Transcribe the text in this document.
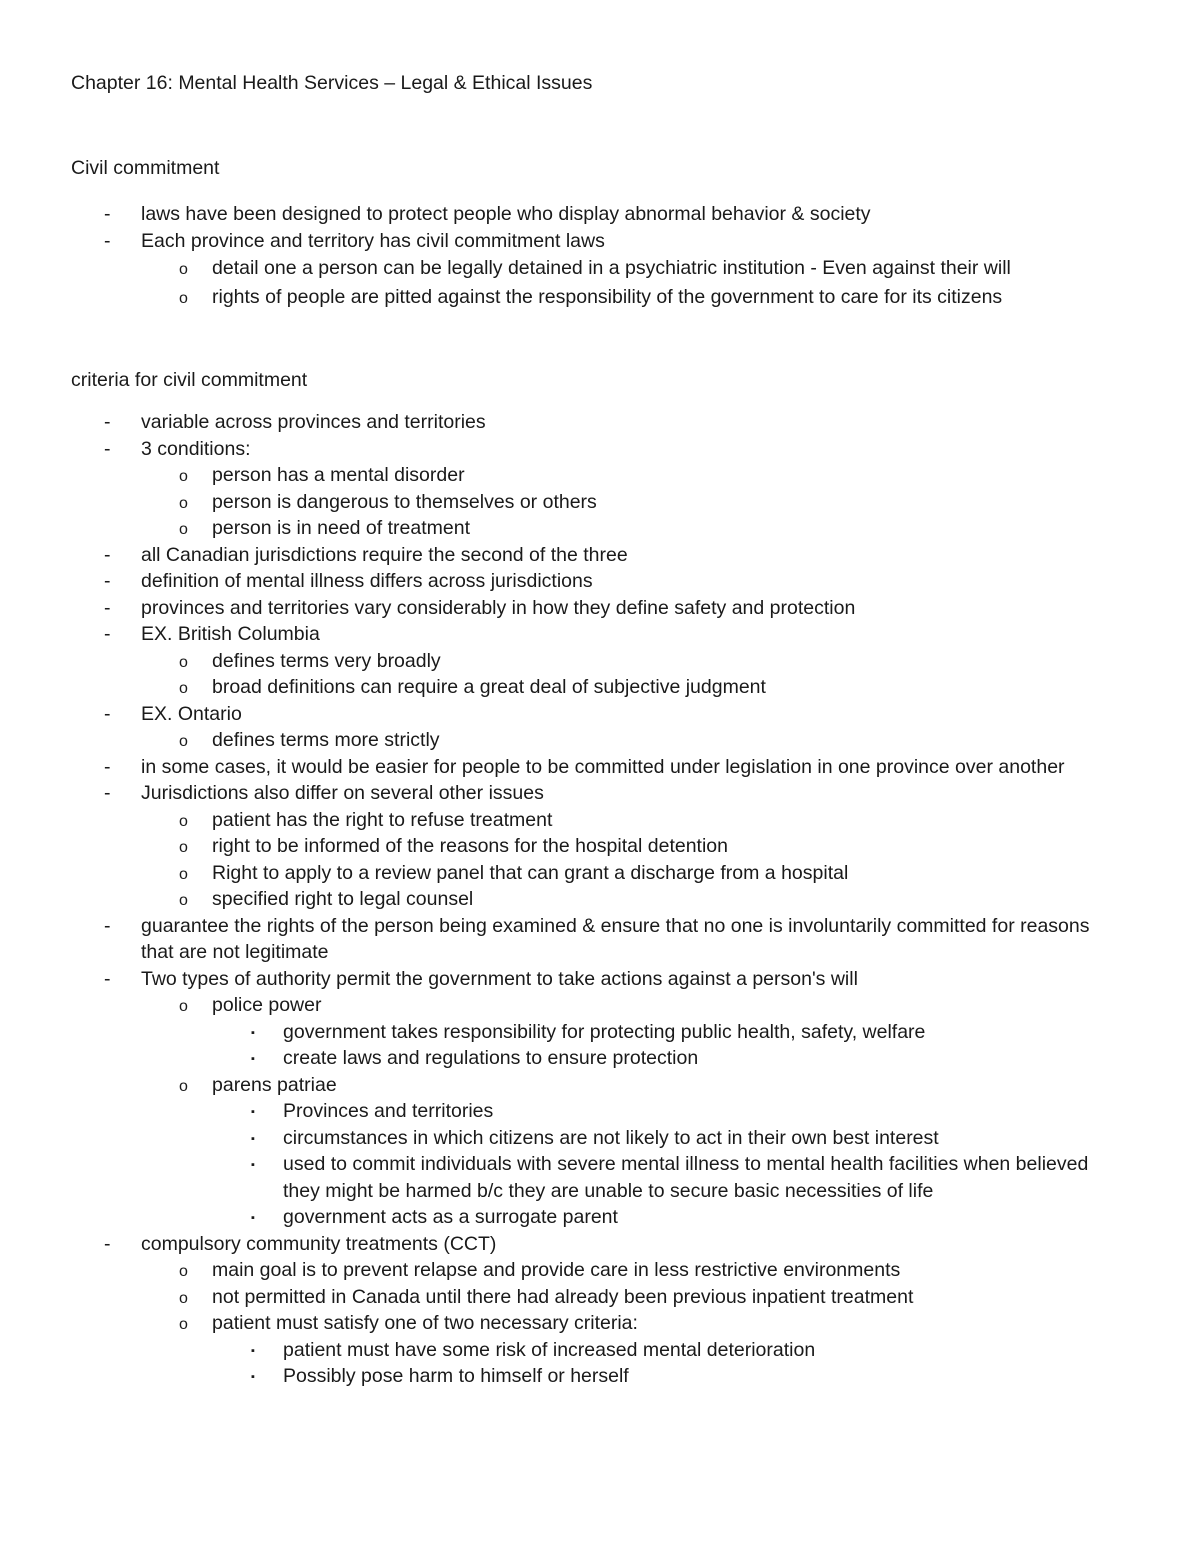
Chapter 16: Mental Health Services – Legal & Ethical Issues
Civil commitment
- laws have been designed to protect people who display abnormal behavior & society
- Each province and territory has civil commitment laws
o detail one a person can be legally detained in a psychiatric institution - Even against their will
o rights of people are pitted against the responsibility of the government to care for its citizens
criteria for civil commitment
- variable across provinces and territories
- 3 conditions:
o person has a mental disorder
o person is dangerous to themselves or others
o person is in need of treatment
- all Canadian jurisdictions require the second of the three
- definition of mental illness differs across jurisdictions
- provinces and territories vary considerably in how they define safety and protection
- EX. British Columbia
o defines terms very broadly
o broad definitions can require a great deal of subjective judgment
- EX. Ontario
o defines terms more strictly
- in some cases, it would be easier for people to be committed under legislation in one province over another
- Jurisdictions also differ on several other issues
o patient has the right to refuse treatment
o right to be informed of the reasons for the hospital detention
o Right to apply to a review panel that can grant a discharge from a hospital
o specified right to legal counsel
- guarantee the rights of the person being examined & ensure that no one is involuntarily committed for reasons that are not legitimate
- Two types of authority permit the government to take actions against a person's will
o police power
▪ government takes responsibility for protecting public health, safety, welfare
▪ create laws and regulations to ensure protection
o parens patriae
▪ Provinces and territories
▪ circumstances in which citizens are not likely to act in their own best interest
▪ used to commit individuals with severe mental illness to mental health facilities when believed they might be harmed b/c they are unable to secure basic necessities of life
▪ government acts as a surrogate parent
- compulsory community treatments (CCT)
o main goal is to prevent relapse and provide care in less restrictive environments
o not permitted in Canada until there had already been previous inpatient treatment
o patient must satisfy one of two necessary criteria:
▪ patient must have some risk of increased mental deterioration
▪ Possibly pose harm to himself or herself
